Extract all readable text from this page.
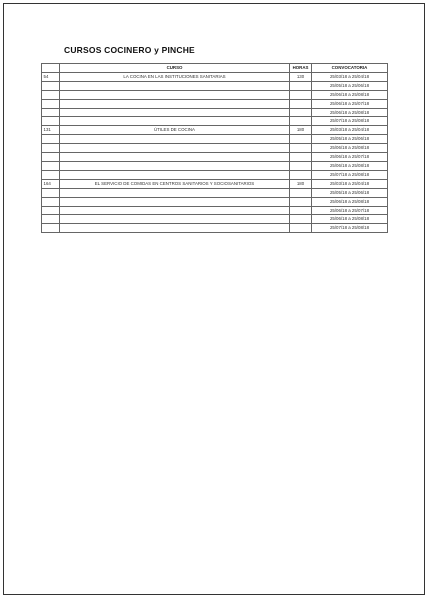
CURSOS COCINERO y PINCHE
	CURSO	HORAS	CONVOCATORIA
54	LA COCINA EN LAS INSTITUCIONES SANITARIAS	130	25/03/18 a 25/04/18
			25/05/18 a 25/06/18
			25/06/18 a 25/08/18
			25/06/18 a 25/07/18
			25/06/18 a 25/08/18
			25/07/18 a 25/08/18
131	ÚTILES DE COCINA	180	25/03/18 a 25/04/18
			25/05/18 a 25/06/18
			25/06/18 a 25/08/18
			25/06/18 a 25/07/18
			25/06/18 a 25/08/18
			25/07/18 a 25/08/18
164	EL SERVICIO DE COMIDAS EN CENTROS SANITARIOS Y SOCIOSANITARIOS	180	25/03/18 a 25/04/18
			25/05/18 a 25/06/18
			25/06/18 a 25/08/18
			25/06/18 a 25/07/18
			25/06/18 a 25/08/18
			25/07/18 a 25/08/18
